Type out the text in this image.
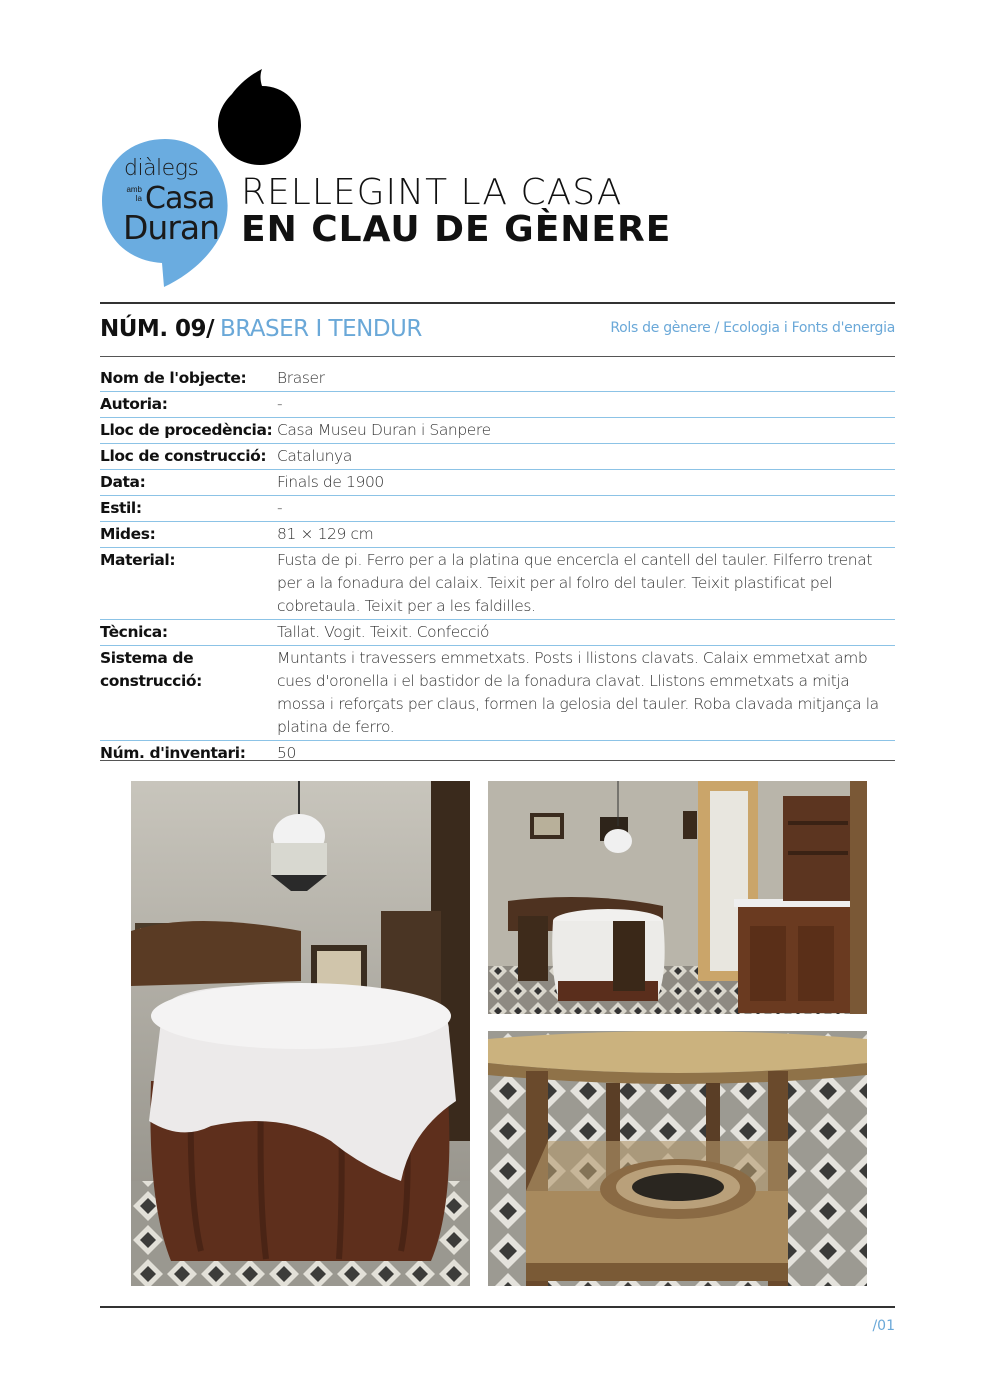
diàlegs
amb
la Casa
Duran
RELLEGINT LA CASA
EN CLAU DE GÈNERE
NÚM. 09/ BRASER I TENDUR	Rols de gènere / Ecologia i Fonts d'energia
Nom de l'objecte:	Braser
Autoria:	-
Lloc de procedència: Casa Museu Duran i Sanpere
Lloc de construcció: Catalunya
Data:	Finals de 1900
Estil:	-
Mides:	81 × 129 cm
Material:	Fusta de pi. Ferro per a la platina que encercla el cantell del tauler. Filferro trenat per a la fonadura del calaix. Teixit per al folro del tauler. Teixit plastificat pel cobretaula. Teixit per a les faldilles.
Tècnica:	Tallat. Vogit. Teixit. Confecció
Sistema de construcció:
Muntants i travessers emmetxats. Posts i llistons clavats. Calaix emmetxat amb cues d'oronella i el bastidor de la fonadura clavat. Llistons emmetxats a mitja mossa i reforçats per claus, formen la gelosia del tauler. Roba clavada mitjança la platina de ferro.
Núm. d'inventari:	50
/01
